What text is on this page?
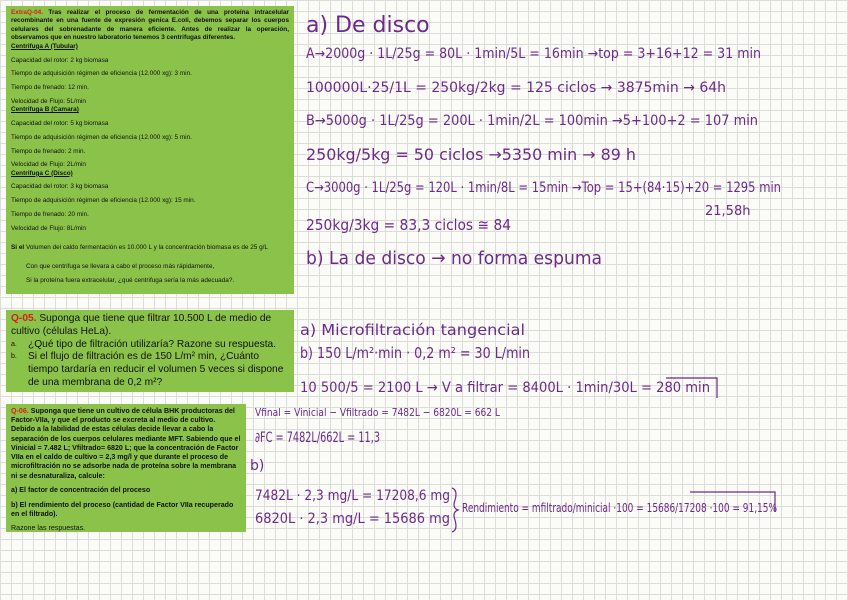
ExtraQ-04. Tras realizar el proceso de fermentación de una proteína intracelular recombinante en una fuente de expresión genica E.coli, debemos separar los cuerpos celulares del sobrenadante de manera eficiente. Antes de realizar la operación, observamos que en nuestro laboratorio tenemos 3 centrifugas diferentes.

Centrifuga A (Tubular)

Capacidad del rotor: 2 kg biomasa

Tiempo de adquisición régimen de eficiencia (12.000 xg): 3 min.

Tiempo de frenado: 12 min.

Velocidad de Flujo: 5L/min

Centrifuga B (Camara)

Capacidad del rotor: 5 kg biomasa

Tiempo de adquisición régimen de eficiencia (12.000 xg): 5 min.

Tiempo de frenado: 2 min.

Velocidad de Flujo: 2L/min

Centrifuga C (Disco)

Capacidad del rotor: 3 kg biomasa

Tiempo de adquisición régimen de eficiencia (12.000 xg): 15 min.

Tiempo de frenado: 20 min.

Velocidad de Flujo: 8L/min

Si el Volumen del caldo fermentación es 10.000 L y la concentración biomasa es de 25 g/L

Con que centrifuga se llevara a cabo el proceso más rápidamente,

Si la proteína fuera extracelular, ¿qué centrifuga sería la más adecuada?.

Q-05. Suponga que tiene que filtrar 10.500 L de medio de cultivo (células HeLa).

a.	¿Qué tipo de filtración utilizaría? Razone su respuesta.
b.	Si el flujo de filtración es de 150 L/m² min, ¿Cuánto tiempo tardaría en reducir el volumen 5 veces si dispone de una membrana de 0,2 m²?

Q-06. Suponga que tiene un cultivo de célula BHK productoras del Factor-VIIa, y que el producto se excreta al medio de cultivo. Debido a la labilidad de estas células decide llevar a cabo la separación de los cuerpos celulares mediante MFT. Sabiendo que el Vinicial = 7.482 L; Vfiltrado= 6820 L; que la concentración de Factor VIIa en el caldo de cultivo = 2,3 mg/l y que durante el proceso de microfiltración no se adsorbe nada de proteína sobre la membrana ni se desnaturaliza, calcule:

a) El factor de concentración del proceso

b) El rendimiento del proceso (cantidad de Factor VIIa recuperado en el filtrado).

Razone las respuestas.

a) De disco
A→2000g · 1L/25g = 80L · 1min/5L = 16min →top = 3+16+12 = 31 min
100000L·25/1L = 250kg/2kg = 125 ciclos → 3875min → 64h
B→5000g · 1L/25g = 200L · 1min/2L = 100min →5+100+2 = 107 min
250kg/5kg = 50 ciclos →5350 min → 89 h
C→3000g · 1L/25g = 120L · 1min/8L = 15min →Top = 15+(84·15)+20 = 1295 min
21,58h
250kg/3kg = 83,3 ciclos ≅ 84
b) La de disco → no forma espuma
a) Microfiltración tangencial
b) 150 L/m²·min · 0,2 m² = 30 L/min
10 500/5 = 2100 L → V a filtrar = 8400L · 1min/30L = 280 min
Vfinal = Vinicial − Vfiltrado = 7482L − 6820L = 662 L
∂FC = 7482L/662L = 11,3
b)
7482L · 2,3 mg/L = 17208,6 mg
6820L · 2,3 mg/L = 15686 mg
Rendimiento = mfiltrado/minicial ·100 = 15686/17208 ·100 = 91,15%
